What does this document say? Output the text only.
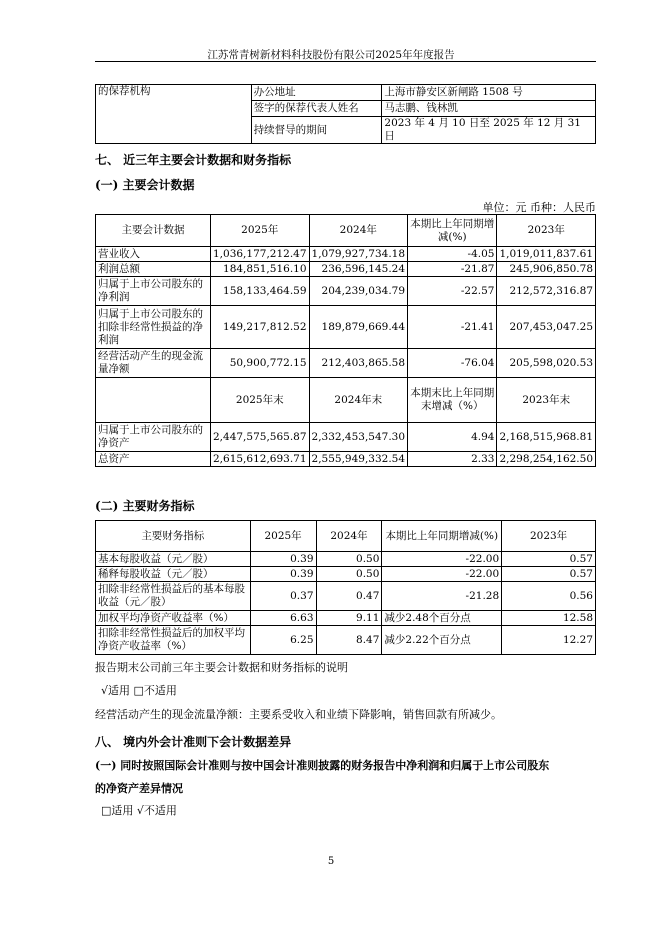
江苏常青树新材料科技股份有限公司2025年年度报告
的保荐机构	办公地址	上海市静安区新闸路 1508 号
	签字的保荐代表人姓名	马志鹏、钱林凯
	持续督导的期间	2023 年 4 月 10 日至 2025 年 12 月 31 日
七、 近三年主要会计数据和财务指标
(一) 主要会计数据
单位：元 币种：人民币
主要会计数据	2025年	2024年	本期比上年同期增减(%)	2023年
营业收入	1,036,177,212.47	1,079,927,734.18	-4.05	1,019,011,837.61
利润总额	184,851,516.10	236,596,145.24	-21.87	245,906,850.78
归属于上市公司股东的净利润	158,133,464.59	204,239,034.79	-22.57	212,572,316.87
归属于上市公司股东的扣除非经常性损益的净利润	149,217,812.52	189,879,669.44	-21.41	207,453,047.25
经营活动产生的现金流量净额	50,900,772.15	212,403,865.58	-76.04	205,598,020.53
	2025年末	2024年末	本期末比上年同期末增减（%）	2023年末
归属于上市公司股东的净资产	2,447,575,565.87	2,332,453,547.30	4.94	2,168,515,968.81
总资产	2,615,612,693.71	2,555,949,332.54	2.33	2,298,254,162.50
(二) 主要财务指标
主要财务指标	2025年	2024年	本期比上年同期增减(%)	2023年
基本每股收益（元／股）	0.39	0.50	-22.00	0.57
稀释每股收益（元／股）	0.39	0.50	-22.00	0.57
扣除非经常性损益后的基本每股收益（元／股）	0.37	0.47	-21.28	0.56
加权平均净资产收益率（%）	6.63	9.11	减少2.48个百分点	12.58
扣除非经常性损益后的加权平均净资产收益率（%）	6.25	8.47	减少2.22个百分点	12.27
报告期末公司前三年主要会计数据和财务指标的说明
√适用 □不适用
经营活动产生的现金流量净额：主要系受收入和业绩下降影响，销售回款有所减少。
八、 境内外会计准则下会计数据差异
(一) 同时按照国际会计准则与按中国会计准则披露的财务报告中净利润和归属于上市公司股东
的净资产差异情况
□适用 √不适用
5
